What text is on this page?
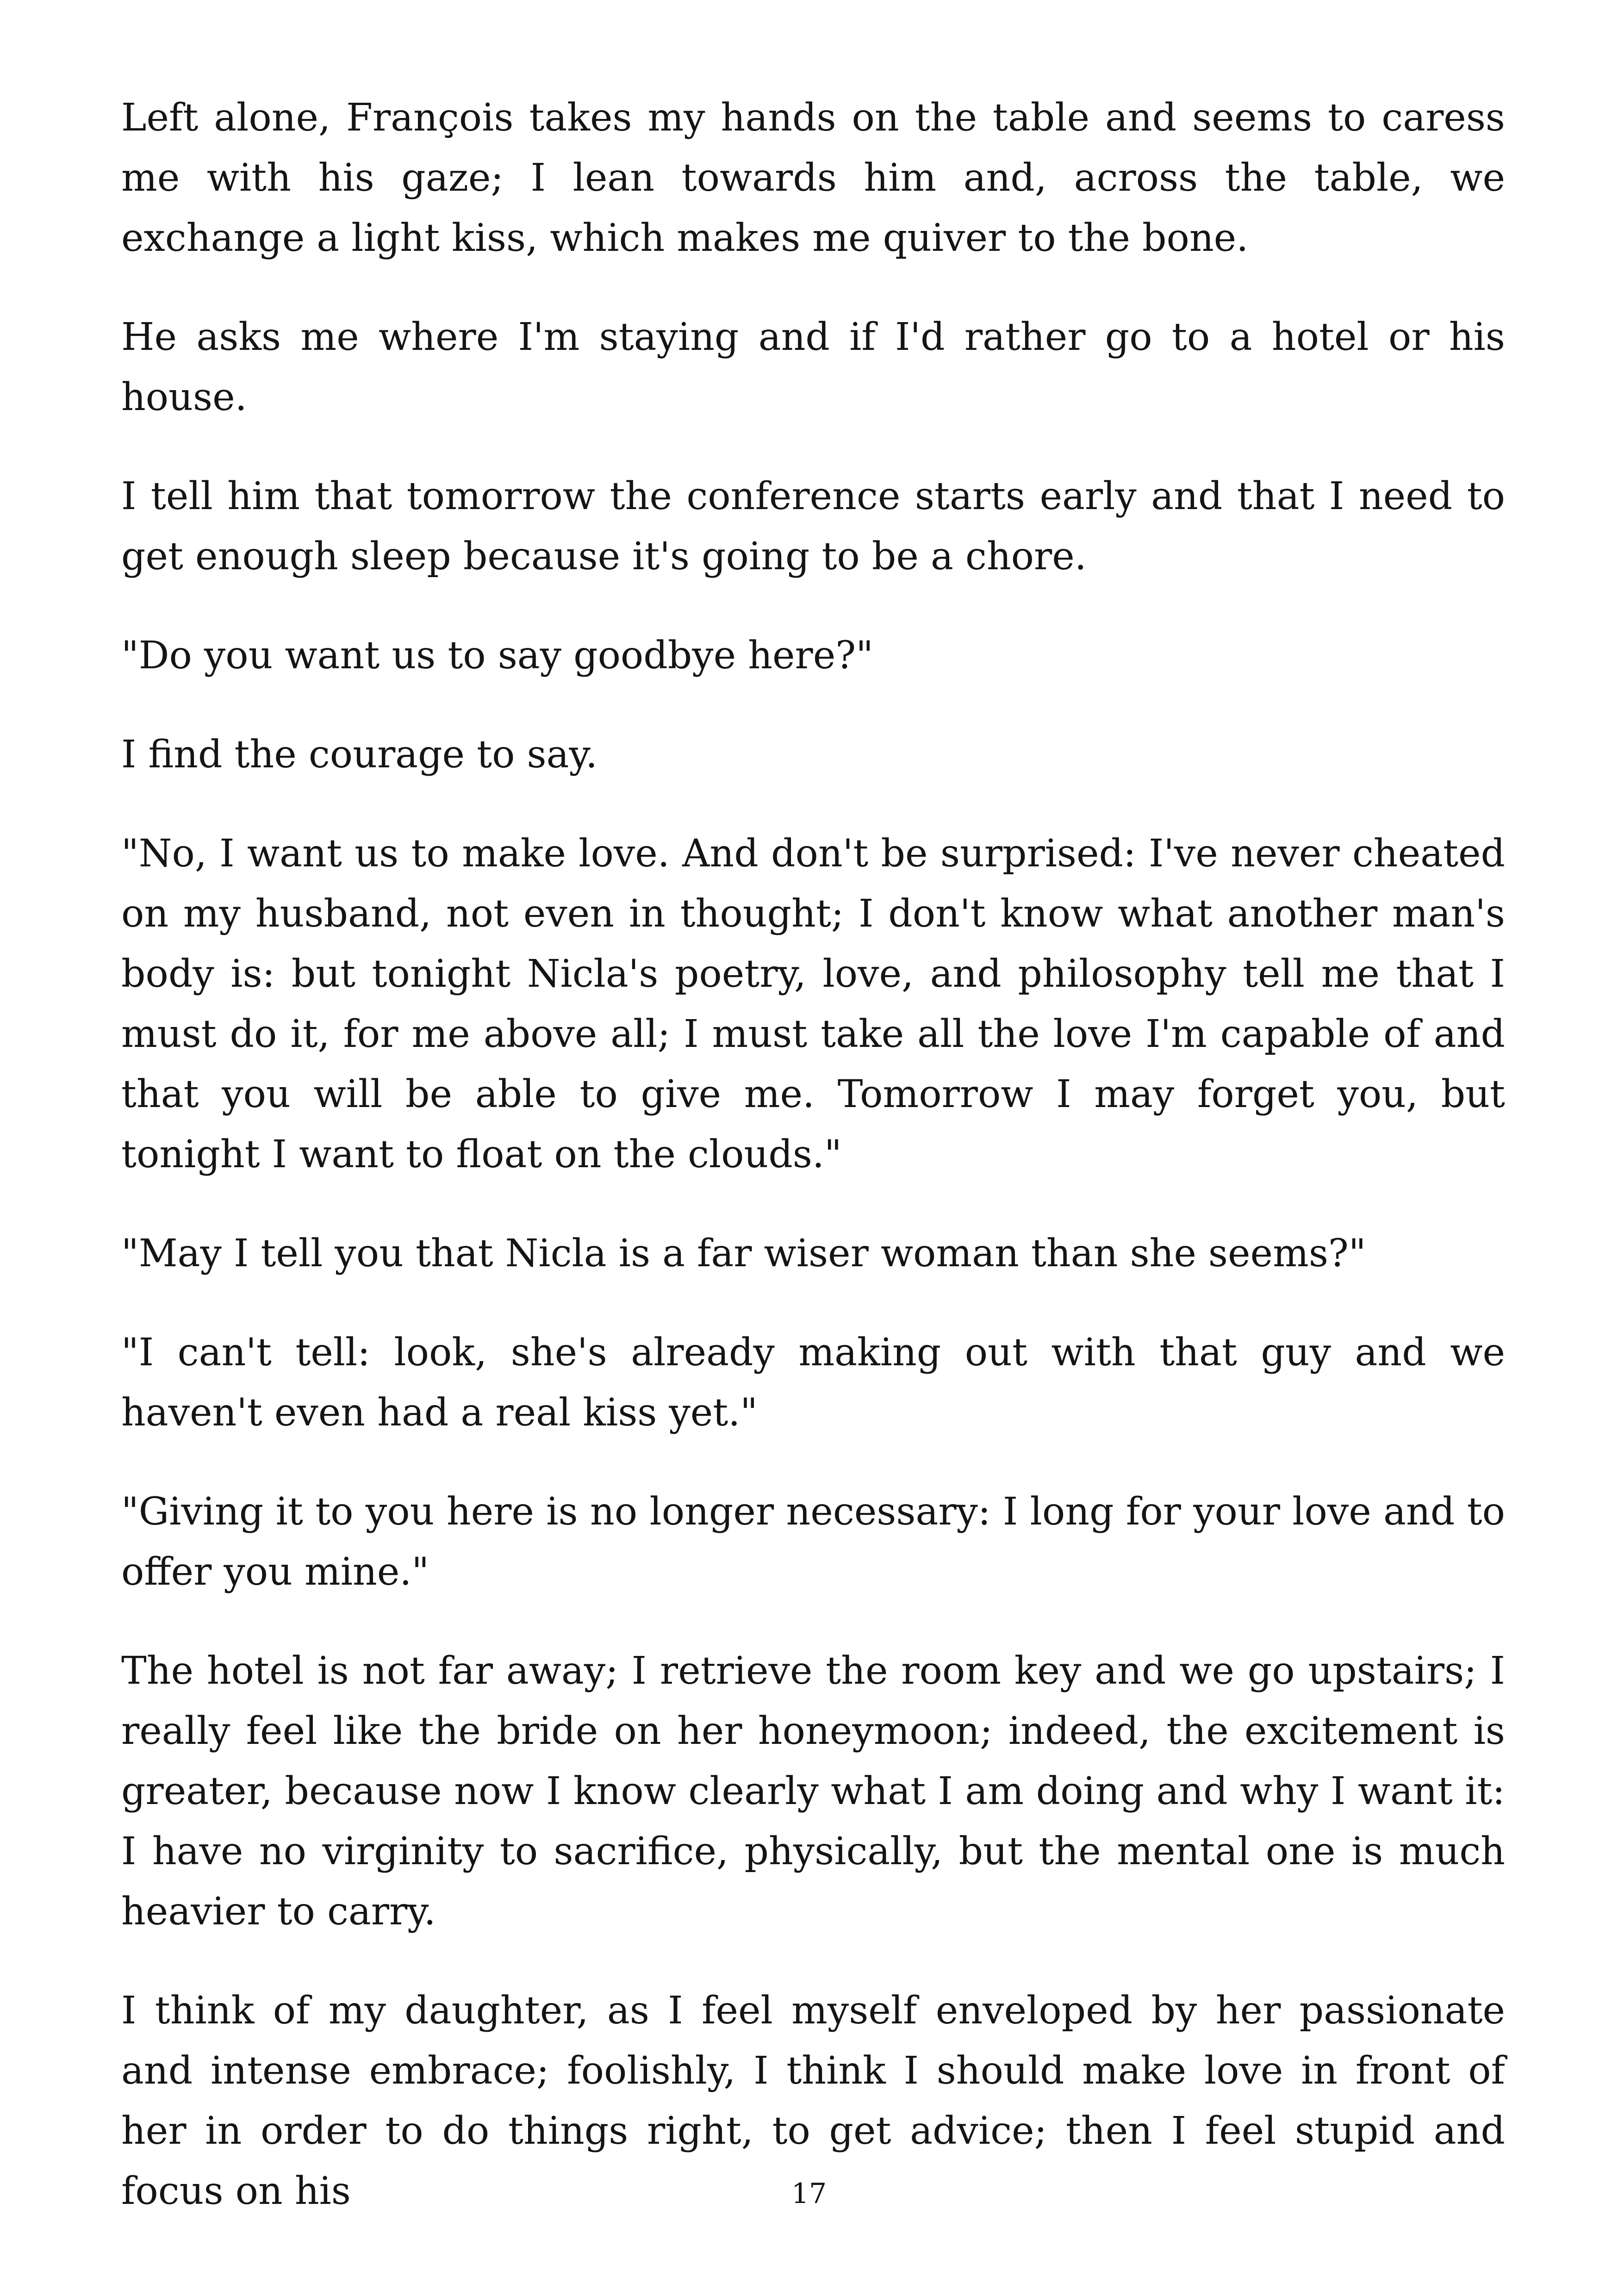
Left alone, François takes my hands on the table and seems to caress me with his gaze; I lean towards him and, across the table, we exchange a light kiss, which makes me quiver to the bone.

He asks me where I'm staying and if I'd rather go to a hotel or his house.

I tell him that tomorrow the conference starts early and that I need to get enough sleep because it's going to be a chore.

"Do you want us to say goodbye here?"

I find the courage to say.

"No, I want us to make love. And don't be surprised: I've never cheated on my husband, not even in thought; I don't know what another man's body is: but tonight Nicla's poetry, love, and philosophy tell me that I must do it, for me above all; I must take all the love I'm capable of and that you will be able to give me. Tomorrow I may forget you, but tonight I want to float on the clouds."

"May I tell you that Nicla is a far wiser woman than she seems?"

"I can't tell: look, she's already making out with that guy and we haven't even had a real kiss yet."

"Giving it to you here is no longer necessary: I long for your love and to offer you mine."

The hotel is not far away; I retrieve the room key and we go upstairs; I really feel like the bride on her honeymoon; indeed, the excitement is greater, because now I know clearly what I am doing and why I want it: I have no virginity to sacrifice, physically, but the mental one is much heavier to carry.

I think of my daughter, as I feel myself enveloped by her passionate and intense embrace; foolishly, I think I should make love in front of her in order to do things right, to get advice; then I feel stupid and focus on his	17
